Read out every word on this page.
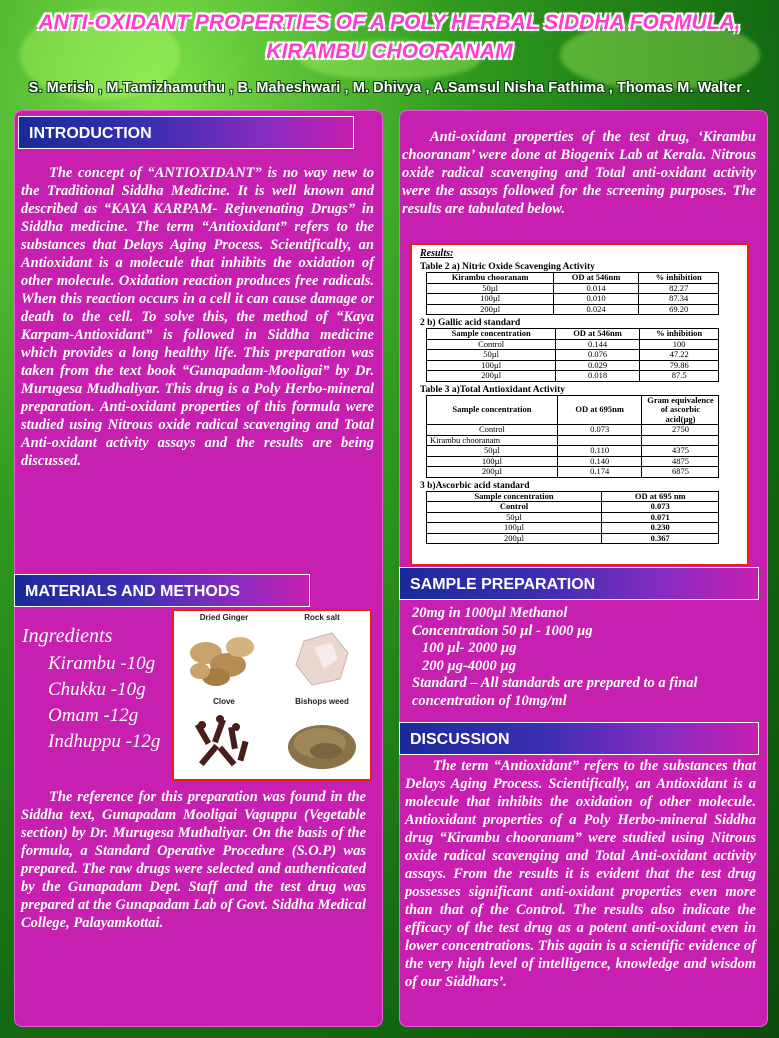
ANTI-OXIDANT PROPERTIES OF A POLY HERBAL SIDDHA FORMULA,
KIRAMBU CHOORANAM
S. Merish , M.Tamizhamuthu , B. Maheshwari , M. Dhivya , A.Samsul Nisha Fathima , Thomas M. Walter .
INTRODUCTION
The concept of “ANTIOXIDANT” is no way new to the Traditional Siddha Medicine. It is well known and described as “KAYA KARPAM- Rejuvenating Drugs” in Siddha medicine. The term “Antioxidant” refers to the substances that Delays Aging Process. Scientifically, an Antioxidant is a molecule that inhibits the oxidation of other molecule. Oxidation reaction produces free radicals. When this reaction occurs in a cell it can cause damage or death to the cell. To solve this, the method of “Kaya Karpam-Antioxidant” is followed in Siddha medicine which provides a long healthy life. This preparation was taken from the text book “Gunapadam-Mooligai” by Dr. Murugesa Mudhaliyar. This drug is a Poly Herbo-mineral preparation. Anti-oxidant properties of this formula were studied using Nitrous oxide radical scavenging and Total Anti-oxidant activity assays and the results are being discussed.
MATERIALS AND METHODS
Ingredients
Kirambu -10g
Chukku -10g
Omam -12g
Indhuppu -12g
Dried Ginger	Rock salt
Clove	Bishops weed
The reference for this preparation was found in the Siddha text, Gunapadam Mooligai Vaguppu (Vegetable section) by Dr. Murugesa Muthaliyar. On the basis of the formula, a Standard Operative Procedure (S.O.P) was prepared. The raw drugs were selected and authenticated by the Gunapadam Dept. Staff and the test drug was prepared at the Gunapadam Lab of Govt. Siddha Medical College, Palayamkottai.
Anti-oxidant properties of the test drug, ‘Kirambu chooranam’ were done at Biogenix Lab at Kerala. Nitrous oxide radical scavenging and Total anti-oxidant activity were the assays followed for the screening purposes. The results are tabulated below.
Results:
Table 2 a) Nitric Oxide Scavenging Activity
Kirambu chooranam	OD at 546nm	% inhibition
50µl	0.014	82.27
100µl	0.010	87.34
200µl	0.024	69.20
2 b) Gallic acid standard
Sample concentration	OD at 546nm	% inhibition
Control	0.144	100
50µl	0.076	47.22
100µl	0.029	79.86
200µl	0.018	87.5
Table 3 a)Total Antioxidant Activity
Sample concentration	OD at 695nm	Gram equivalence of ascorbic acid(µg)
Control	0.073	2750
Kirambu chooranam		
50µl	0.110	4375
100µl	0.140	4875
200µl	0.174	6875
3 b)Ascorbic acid standard
Sample concentration	OD at 695 nm
Control	0.073
50µl	0.071
100µl	0.230
200µl	0.367
SAMPLE PREPARATION
20mg in 1000µl Methanol
Concentration 50 µl - 1000 µg
100 µl- 2000 µg
200 µg-4000 µg
Standard – All standards are prepared to a final concentration of 10mg/ml
DISCUSSION
The term “Antioxidant” refers to the substances that Delays Aging Process. Scientifically, an Antioxidant is a molecule that inhibits the oxidation of other molecule. Antioxidant properties of a Poly Herbo-mineral Siddha drug “Kirambu chooranam” were studied using Nitrous oxide radical scavenging and Total Anti-oxidant activity assays. From the results it is evident that the test drug possesses significant anti-oxidant properties even more than that of the Control. The results also indicate the efficacy of the test drug as a potent anti-oxidant even in lower concentrations. This again is a scientific evidence of the very high level of intelligence, knowledge and wisdom of our Siddhars’.
